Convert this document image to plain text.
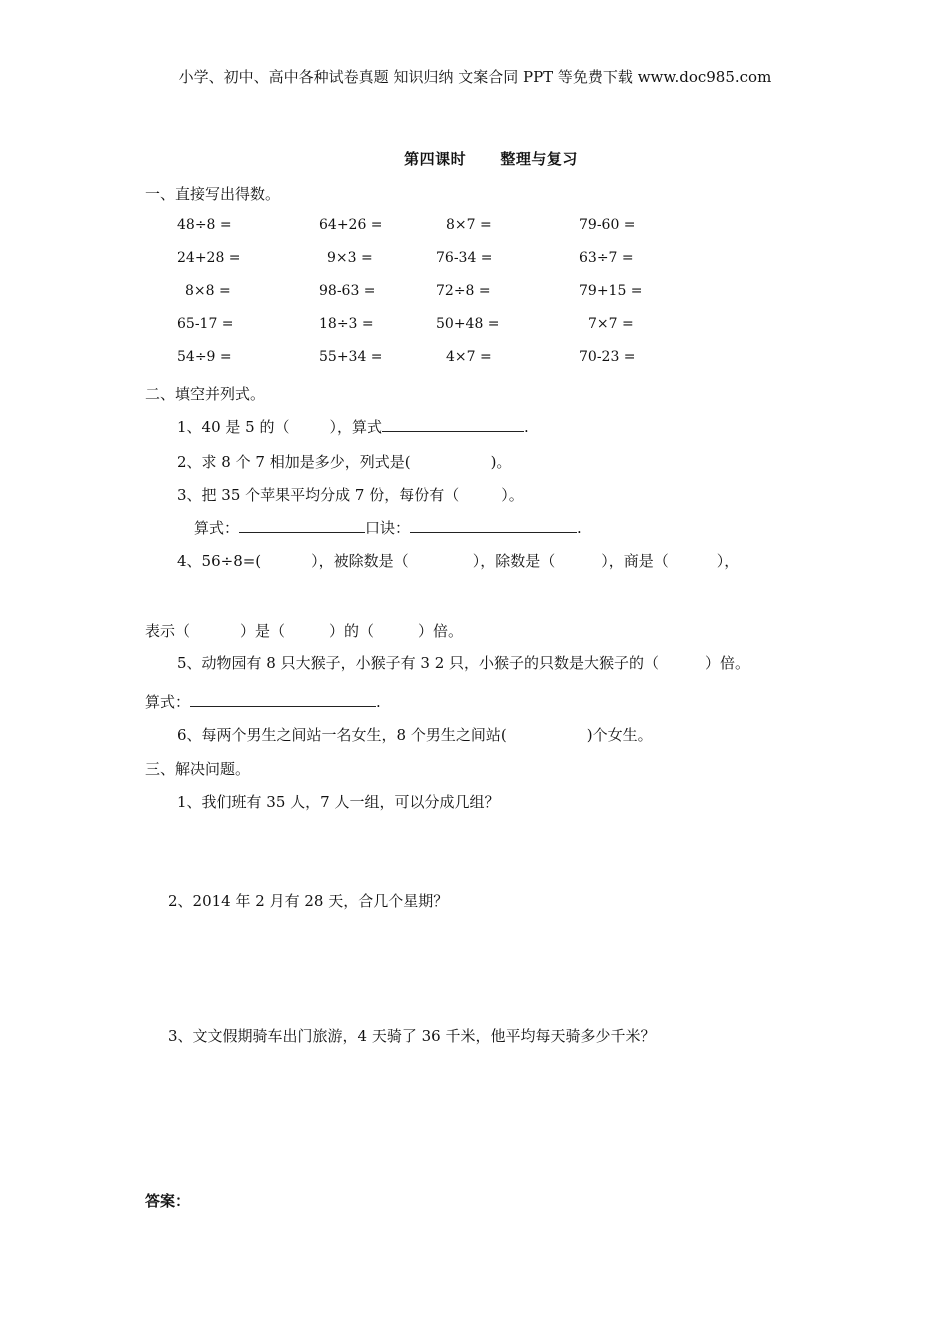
小学、初中、高中各种试卷真题 知识归纳 文案合同 PPT 等免费下载 www.doc985.com
第四课时      整理与复习
一、直接写出得数。
48÷8 =	64+26 =	8×7 =	79-60 =
24+28 =	9×3 =	76-34 =	63÷7 =
8×8 =	98-63 =	72÷8 =	79+15 =
65-17 =	18÷3 =	50+48 =	7×7 =
54÷9 =	55+34 =	4×7 =	70-23 =
二、填空并列式。
1、40 是 5 的（	），算式	.
2、求 8 个 7 相加是多少，列式是(	)。
3、把 35 个苹果平均分成 7 份，每份有（	）。
算式：	口诀：	.
4、56÷8=(	），被除数是（	），除数是（	），商是（	），
表示（	）是（	）的（	）倍。
5、动物园有 8 只大猴子，小猴子有 3 2 只，小猴子的只数是大猴子的（	）倍。
算式：	.
6、每两个男生之间站一名女生，8 个男生之间站(	)个女生。
三、解决问题。
1、我们班有 35 人，7 人一组，可以分成几组？
2、2014 年 2 月有 28 天，合几个星期？
3、文文假期骑车出门旅游，4 天骑了 36 千米，他平均每天骑多少千米？
答案：
